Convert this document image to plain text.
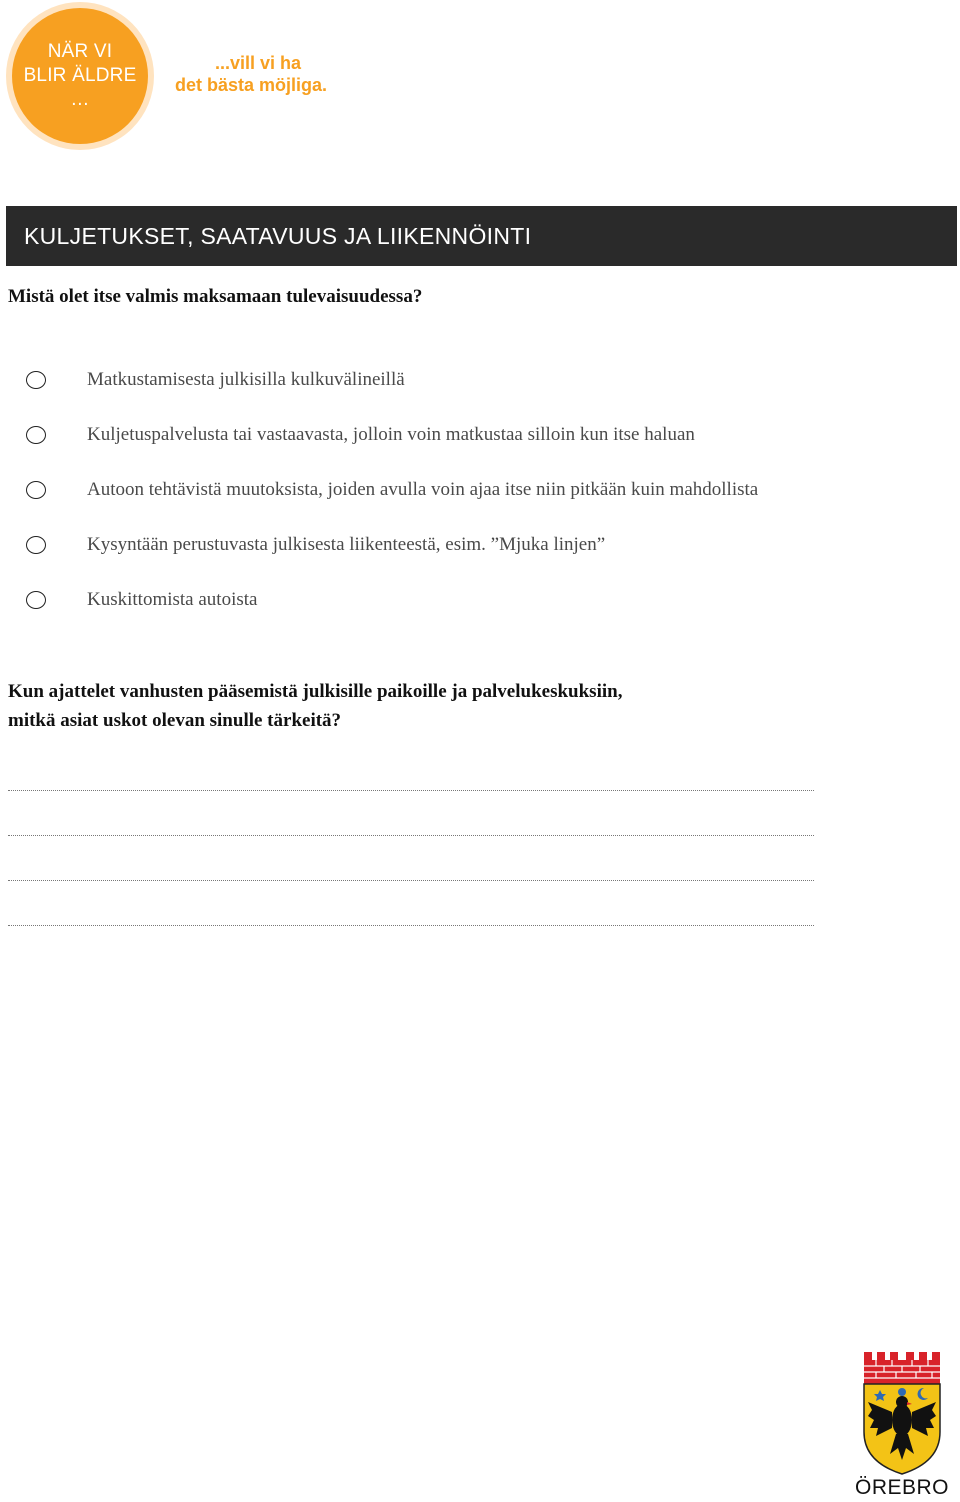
NÄR VI
BLIR ÄLDRE
…
...vill vi ha
det bästa möjliga.
KULJETUKSET, SAATAVUUS JA LIIKENNÖINTI
Mistä olet itse valmis maksamaan tulevaisuudessa?
Matkustamisesta julkisilla kulkuvälineillä
Kuljetuspalvelusta tai vastaavasta, jolloin voin matkustaa silloin kun itse haluan
Autoon tehtävistä muutoksista, joiden avulla voin ajaa itse niin pitkään kuin mahdollista
Kysyntään perustuvasta julkisesta liikenteestä, esim. ”Mjuka linjen”
Kuskittomista autoista
Kun ajattelet vanhusten pääsemistä julkisille paikoille ja palvelukeskuksiin,
mitkä asiat uskot olevan sinulle tärkeitä?
ÖREBRO
